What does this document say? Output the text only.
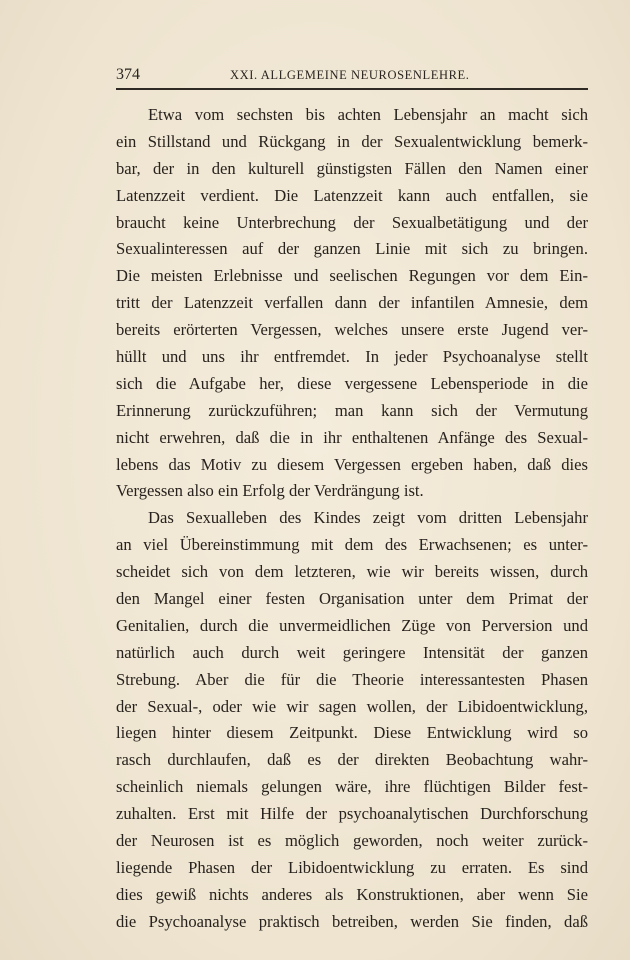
374	XXI. ALLGEMEINE NEUROSENLEHRE.
Etwa vom sechsten bis achten Lebensjahr an macht sich
ein Stillstand und Rückgang in der Sexualentwicklung bemerk-
bar, der in den kulturell günstigsten Fällen den Namen einer
Latenzzeit verdient. Die Latenzzeit kann auch entfallen, sie
braucht keine Unterbrechung der Sexualbetätigung und der
Sexualinteressen auf der ganzen Linie mit sich zu bringen.
Die meisten Erlebnisse und seelischen Regungen vor dem Ein-
tritt der Latenzzeit verfallen dann der infantilen Amnesie, dem
bereits erörterten Vergessen, welches unsere erste Jugend ver-
hüllt und uns ihr entfremdet. In jeder Psychoanalyse stellt
sich die Aufgabe her, diese vergessene Lebensperiode in die
Erinnerung zurückzuführen; man kann sich der Vermutung
nicht erwehren, daß die in ihr enthaltenen Anfänge des Sexual-
lebens das Motiv zu diesem Vergessen ergeben haben, daß dies
Vergessen also ein Erfolg der Verdrängung ist.
Das Sexualleben des Kindes zeigt vom dritten Lebensjahr
an viel Übereinstimmung mit dem des Erwachsenen; es unter-
scheidet sich von dem letzteren, wie wir bereits wissen, durch
den Mangel einer festen Organisation unter dem Primat der
Genitalien, durch die unvermeidlichen Züge von Perversion und
natürlich auch durch weit geringere Intensität der ganzen
Strebung. Aber die für die Theorie interessantesten Phasen
der Sexual-, oder wie wir sagen wollen, der Libidoentwicklung,
liegen hinter diesem Zeitpunkt. Diese Entwicklung wird so
rasch durchlaufen, daß es der direkten Beobachtung wahr-
scheinlich niemals gelungen wäre, ihre flüchtigen Bilder fest-
zuhalten. Erst mit Hilfe der psychoanalytischen Durchforschung
der Neurosen ist es möglich geworden, noch weiter zurück-
liegende Phasen der Libidoentwicklung zu erraten. Es sind
dies gewiß nichts anderes als Konstruktionen, aber wenn Sie
die Psychoanalyse praktisch betreiben, werden Sie finden, daß
